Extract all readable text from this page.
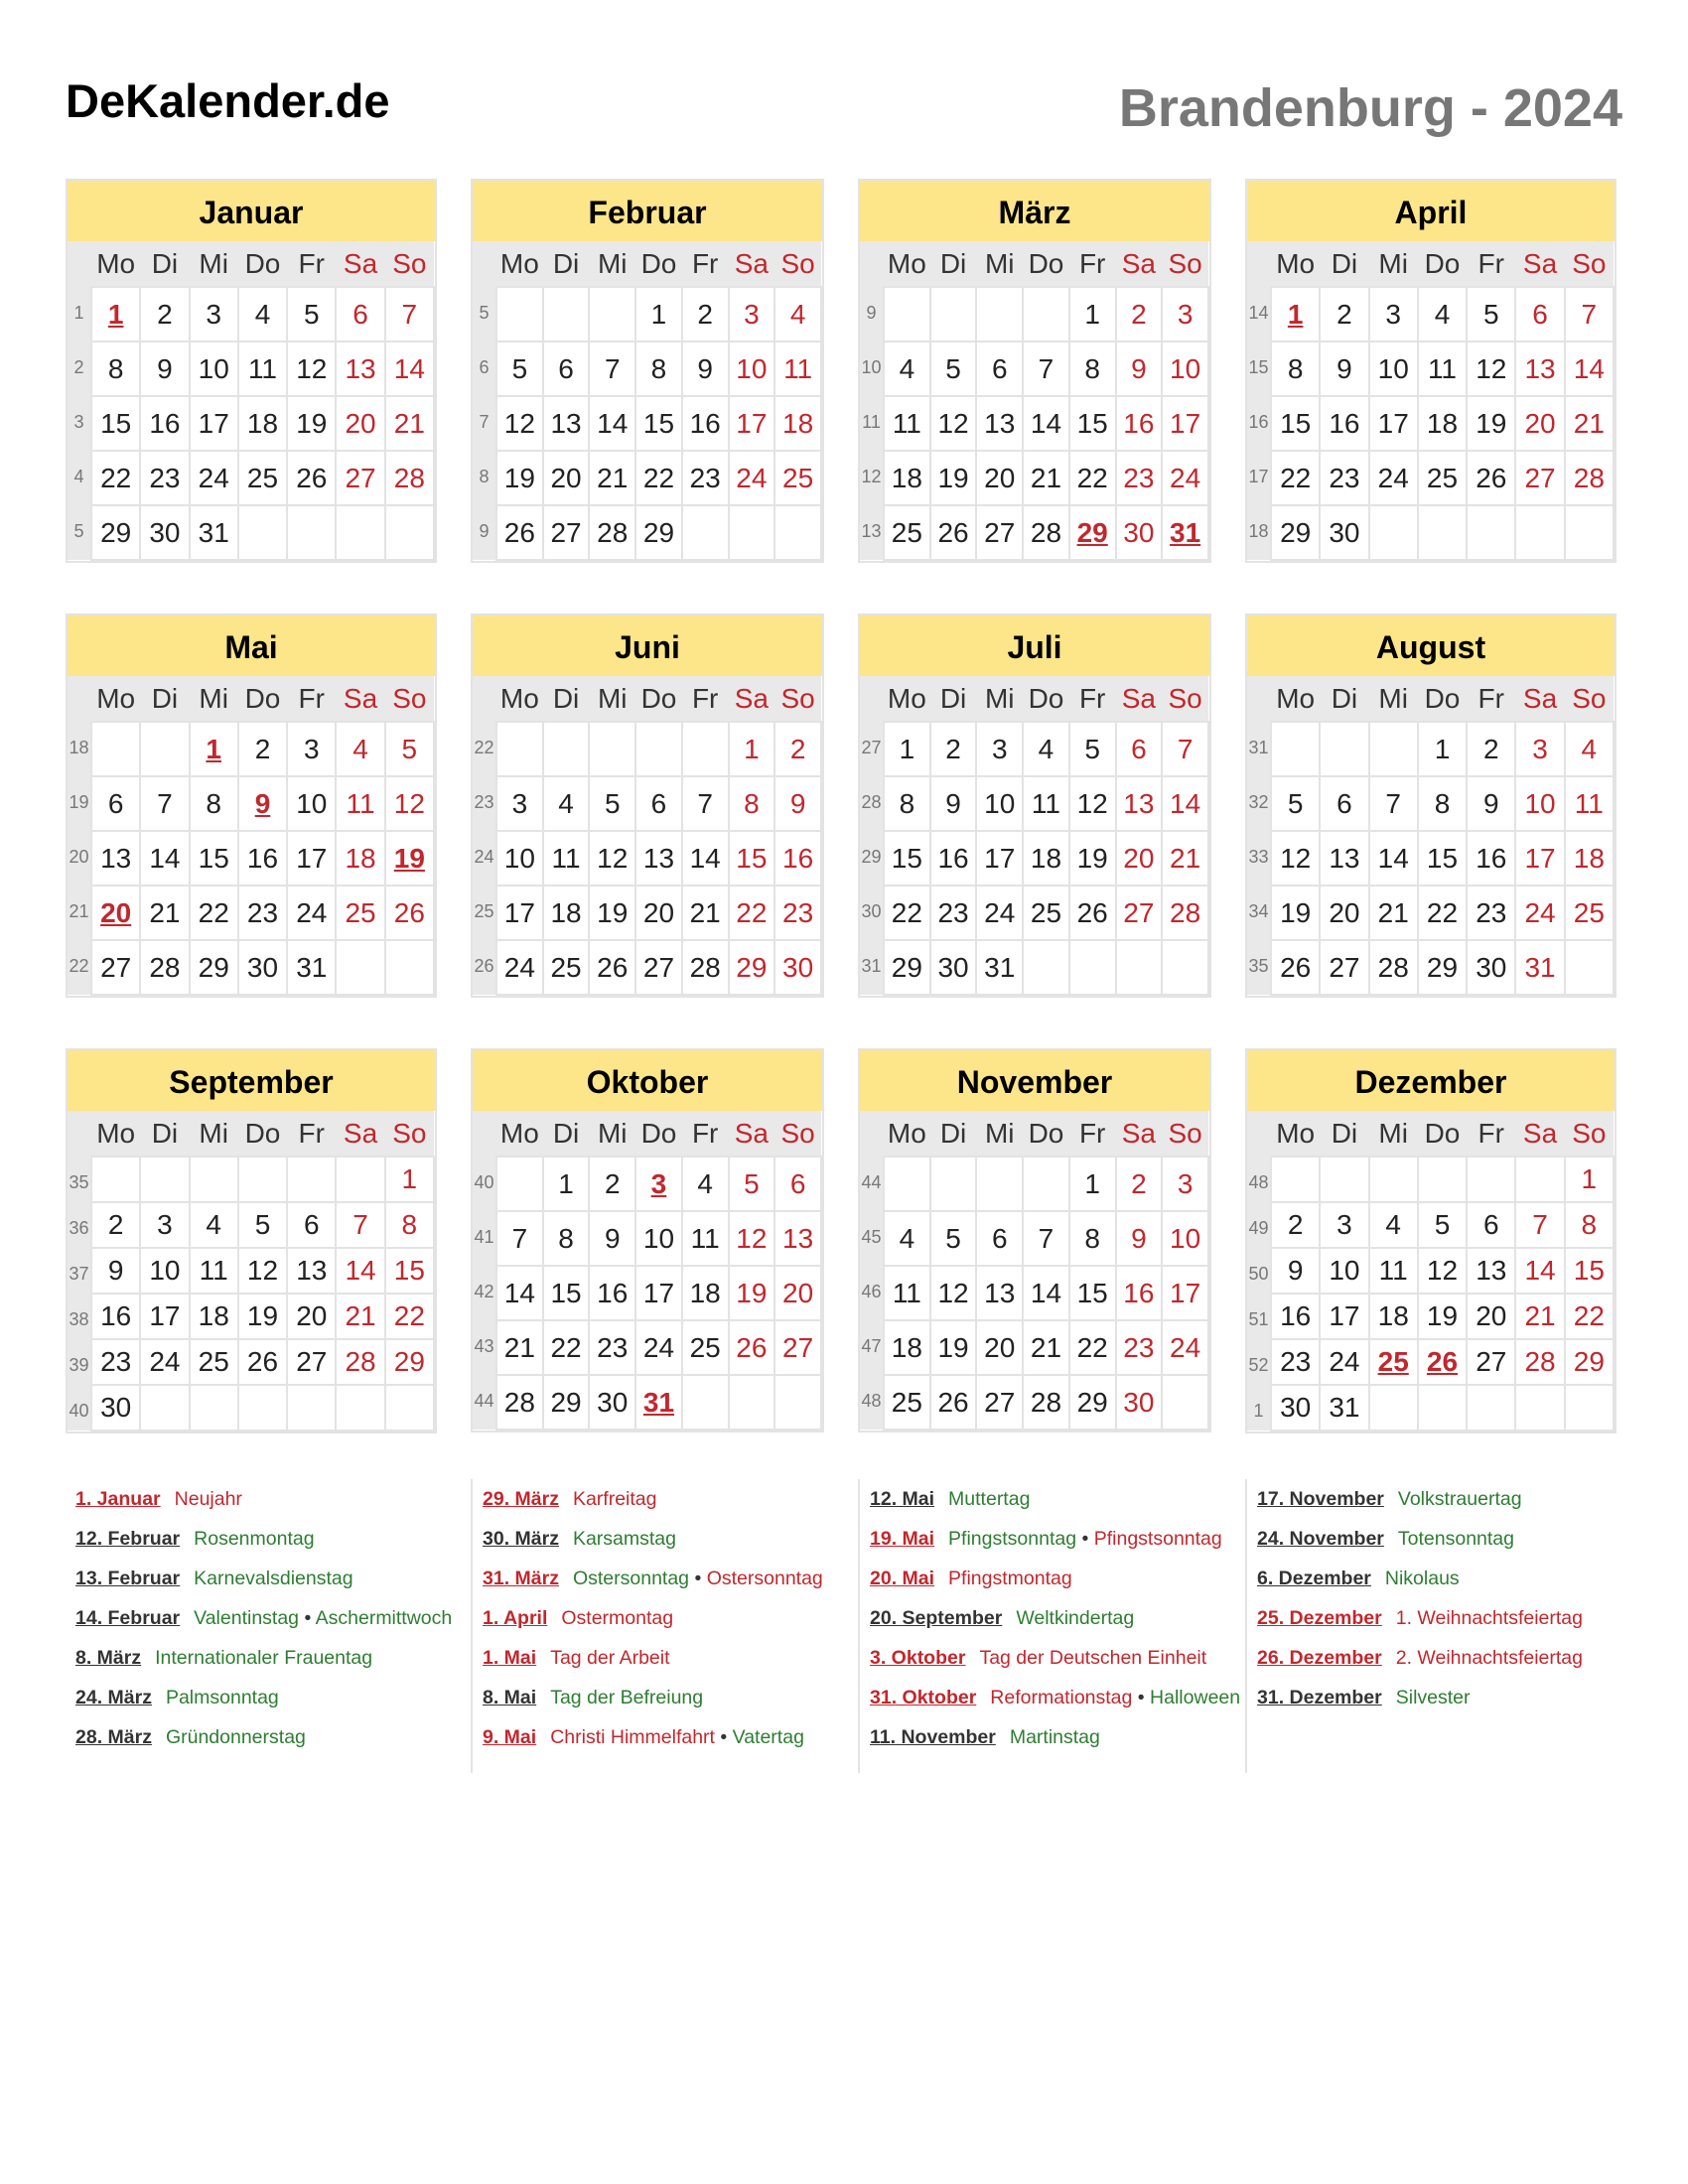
DeKalender.de	Brandenburg - 2024
Januar
	Mo	Di	Mi	Do	Fr	Sa	So
1	1	2	3	4	5	6	7
2	8	9	10	11	12	13	14
3	15	16	17	18	19	20	21
4	22	23	24	25	26	27	28
5	29	30	31				
Februar
	Mo	Di	Mi	Do	Fr	Sa	So
5				1	2	3	4
6	5	6	7	8	9	10	11
7	12	13	14	15	16	17	18
8	19	20	21	22	23	24	25
9	26	27	28	29			
März
	Mo	Di	Mi	Do	Fr	Sa	So
9					1	2	3
10	4	5	6	7	8	9	10
11	11	12	13	14	15	16	17
12	18	19	20	21	22	23	24
13	25	26	27	28	29	30	31
April
	Mo	Di	Mi	Do	Fr	Sa	So
14	1	2	3	4	5	6	7
15	8	9	10	11	12	13	14
16	15	16	17	18	19	20	21
17	22	23	24	25	26	27	28
18	29	30					
Mai
	Mo	Di	Mi	Do	Fr	Sa	So
18			1	2	3	4	5
19	6	7	8	9	10	11	12
20	13	14	15	16	17	18	19
21	20	21	22	23	24	25	26
22	27	28	29	30	31		
Juni
	Mo	Di	Mi	Do	Fr	Sa	So
22						1	2
23	3	4	5	6	7	8	9
24	10	11	12	13	14	15	16
25	17	18	19	20	21	22	23
26	24	25	26	27	28	29	30
Juli
	Mo	Di	Mi	Do	Fr	Sa	So
27	1	2	3	4	5	6	7
28	8	9	10	11	12	13	14
29	15	16	17	18	19	20	21
30	22	23	24	25	26	27	28
31	29	30	31				
August
	Mo	Di	Mi	Do	Fr	Sa	So
31				1	2	3	4
32	5	6	7	8	9	10	11
33	12	13	14	15	16	17	18
34	19	20	21	22	23	24	25
35	26	27	28	29	30	31	
September
	Mo	Di	Mi	Do	Fr	Sa	So
35							1
36	2	3	4	5	6	7	8
37	9	10	11	12	13	14	15
38	16	17	18	19	20	21	22
39	23	24	25	26	27	28	29
40	30						
Oktober
	Mo	Di	Mi	Do	Fr	Sa	So
40		1	2	3	4	5	6
41	7	8	9	10	11	12	13
42	14	15	16	17	18	19	20
43	21	22	23	24	25	26	27
44	28	29	30	31			
November
	Mo	Di	Mi	Do	Fr	Sa	So
44					1	2	3
45	4	5	6	7	8	9	10
46	11	12	13	14	15	16	17
47	18	19	20	21	22	23	24
48	25	26	27	28	29	30	
Dezember
	Mo	Di	Mi	Do	Fr	Sa	So
48							1
49	2	3	4	5	6	7	8
50	9	10	11	12	13	14	15
51	16	17	18	19	20	21	22
52	23	24	25	26	27	28	29
1	30	31					
1. Januar Neujahr
12. Februar Rosenmontag
13. Februar Karnevalsdienstag
14. Februar Valentinstag • Aschermittwoch
8. März Internationaler Frauentag
24. März Palmsonntag
28. März Gründonnerstag
29. März Karfreitag
30. März Karsamstag
31. März Ostersonntag • Ostersonntag
1. April Ostermontag
1. Mai Tag der Arbeit
8. Mai Tag der Befreiung
9. Mai Christi Himmelfahrt • Vatertag
12. Mai Muttertag
19. Mai Pfingstsonntag • Pfingstsonntag
20. Mai Pfingstmontag
20. September Weltkindertag
3. Oktober Tag der Deutschen Einheit
31. Oktober Reformationstag • Halloween
11. November Martinstag
17. November Volkstrauertag
24. November Totensonntag
6. Dezember Nikolaus
25. Dezember 1. Weihnachtsfeiertag
26. Dezember 2. Weihnachtsfeiertag
31. Dezember Silvester
